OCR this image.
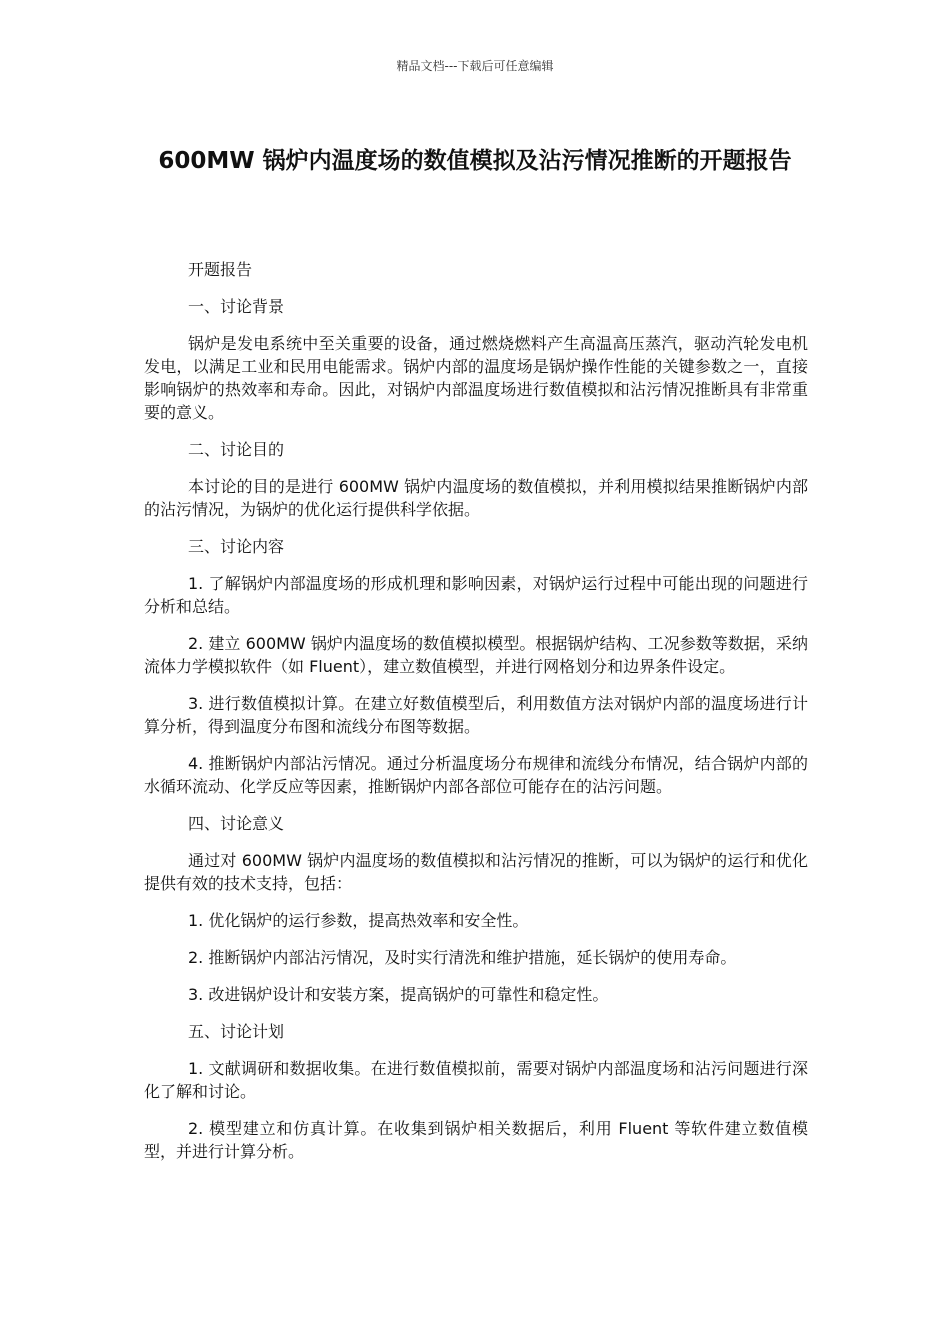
精品文档---下载后可任意编辑
600MW 锅炉内温度场的数值模拟及沾污情况推断的开题报告

开题报告

一、讨论背景

锅炉是发电系统中至关重要的设备，通过燃烧燃料产生高温高压蒸汽，驱动汽轮发电机发电，以满足工业和民用电能需求。锅炉内部的温度场是锅炉操作性能的关键参数之一，直接影响锅炉的热效率和寿命。因此，对锅炉内部温度场进行数值模拟和沾污情况推断具有非常重要的意义。

二、讨论目的

本讨论的目的是进行 600MW 锅炉内温度场的数值模拟，并利用模拟结果推断锅炉内部的沾污情况，为锅炉的优化运行提供科学依据。

三、讨论内容

1. 了解锅炉内部温度场的形成机理和影响因素，对锅炉运行过程中可能出现的问题进行分析和总结。

2. 建立 600MW 锅炉内温度场的数值模拟模型。根据锅炉结构、工况参数等数据，采纳流体力学模拟软件（如 Fluent），建立数值模型，并进行网格划分和边界条件设定。

3. 进行数值模拟计算。在建立好数值模型后，利用数值方法对锅炉内部的温度场进行计算分析，得到温度分布图和流线分布图等数据。

4. 推断锅炉内部沾污情况。通过分析温度场分布规律和流线分布情况，结合锅炉内部的水循环流动、化学反应等因素，推断锅炉内部各部位可能存在的沾污问题。

四、讨论意义

通过对 600MW 锅炉内温度场的数值模拟和沾污情况的推断，可以为锅炉的运行和优化提供有效的技术支持，包括：

1. 优化锅炉的运行参数，提高热效率和安全性。

2. 推断锅炉内部沾污情况，及时实行清洗和维护措施，延长锅炉的使用寿命。

3. 改进锅炉设计和安装方案，提高锅炉的可靠性和稳定性。

五、讨论计划

1. 文献调研和数据收集。在进行数值模拟前，需要对锅炉内部温度场和沾污问题进行深化了解和讨论。

2. 模型建立和仿真计算。在收集到锅炉相关数据后，利用 Fluent 等软件建立数值模型，并进行计算分析。
